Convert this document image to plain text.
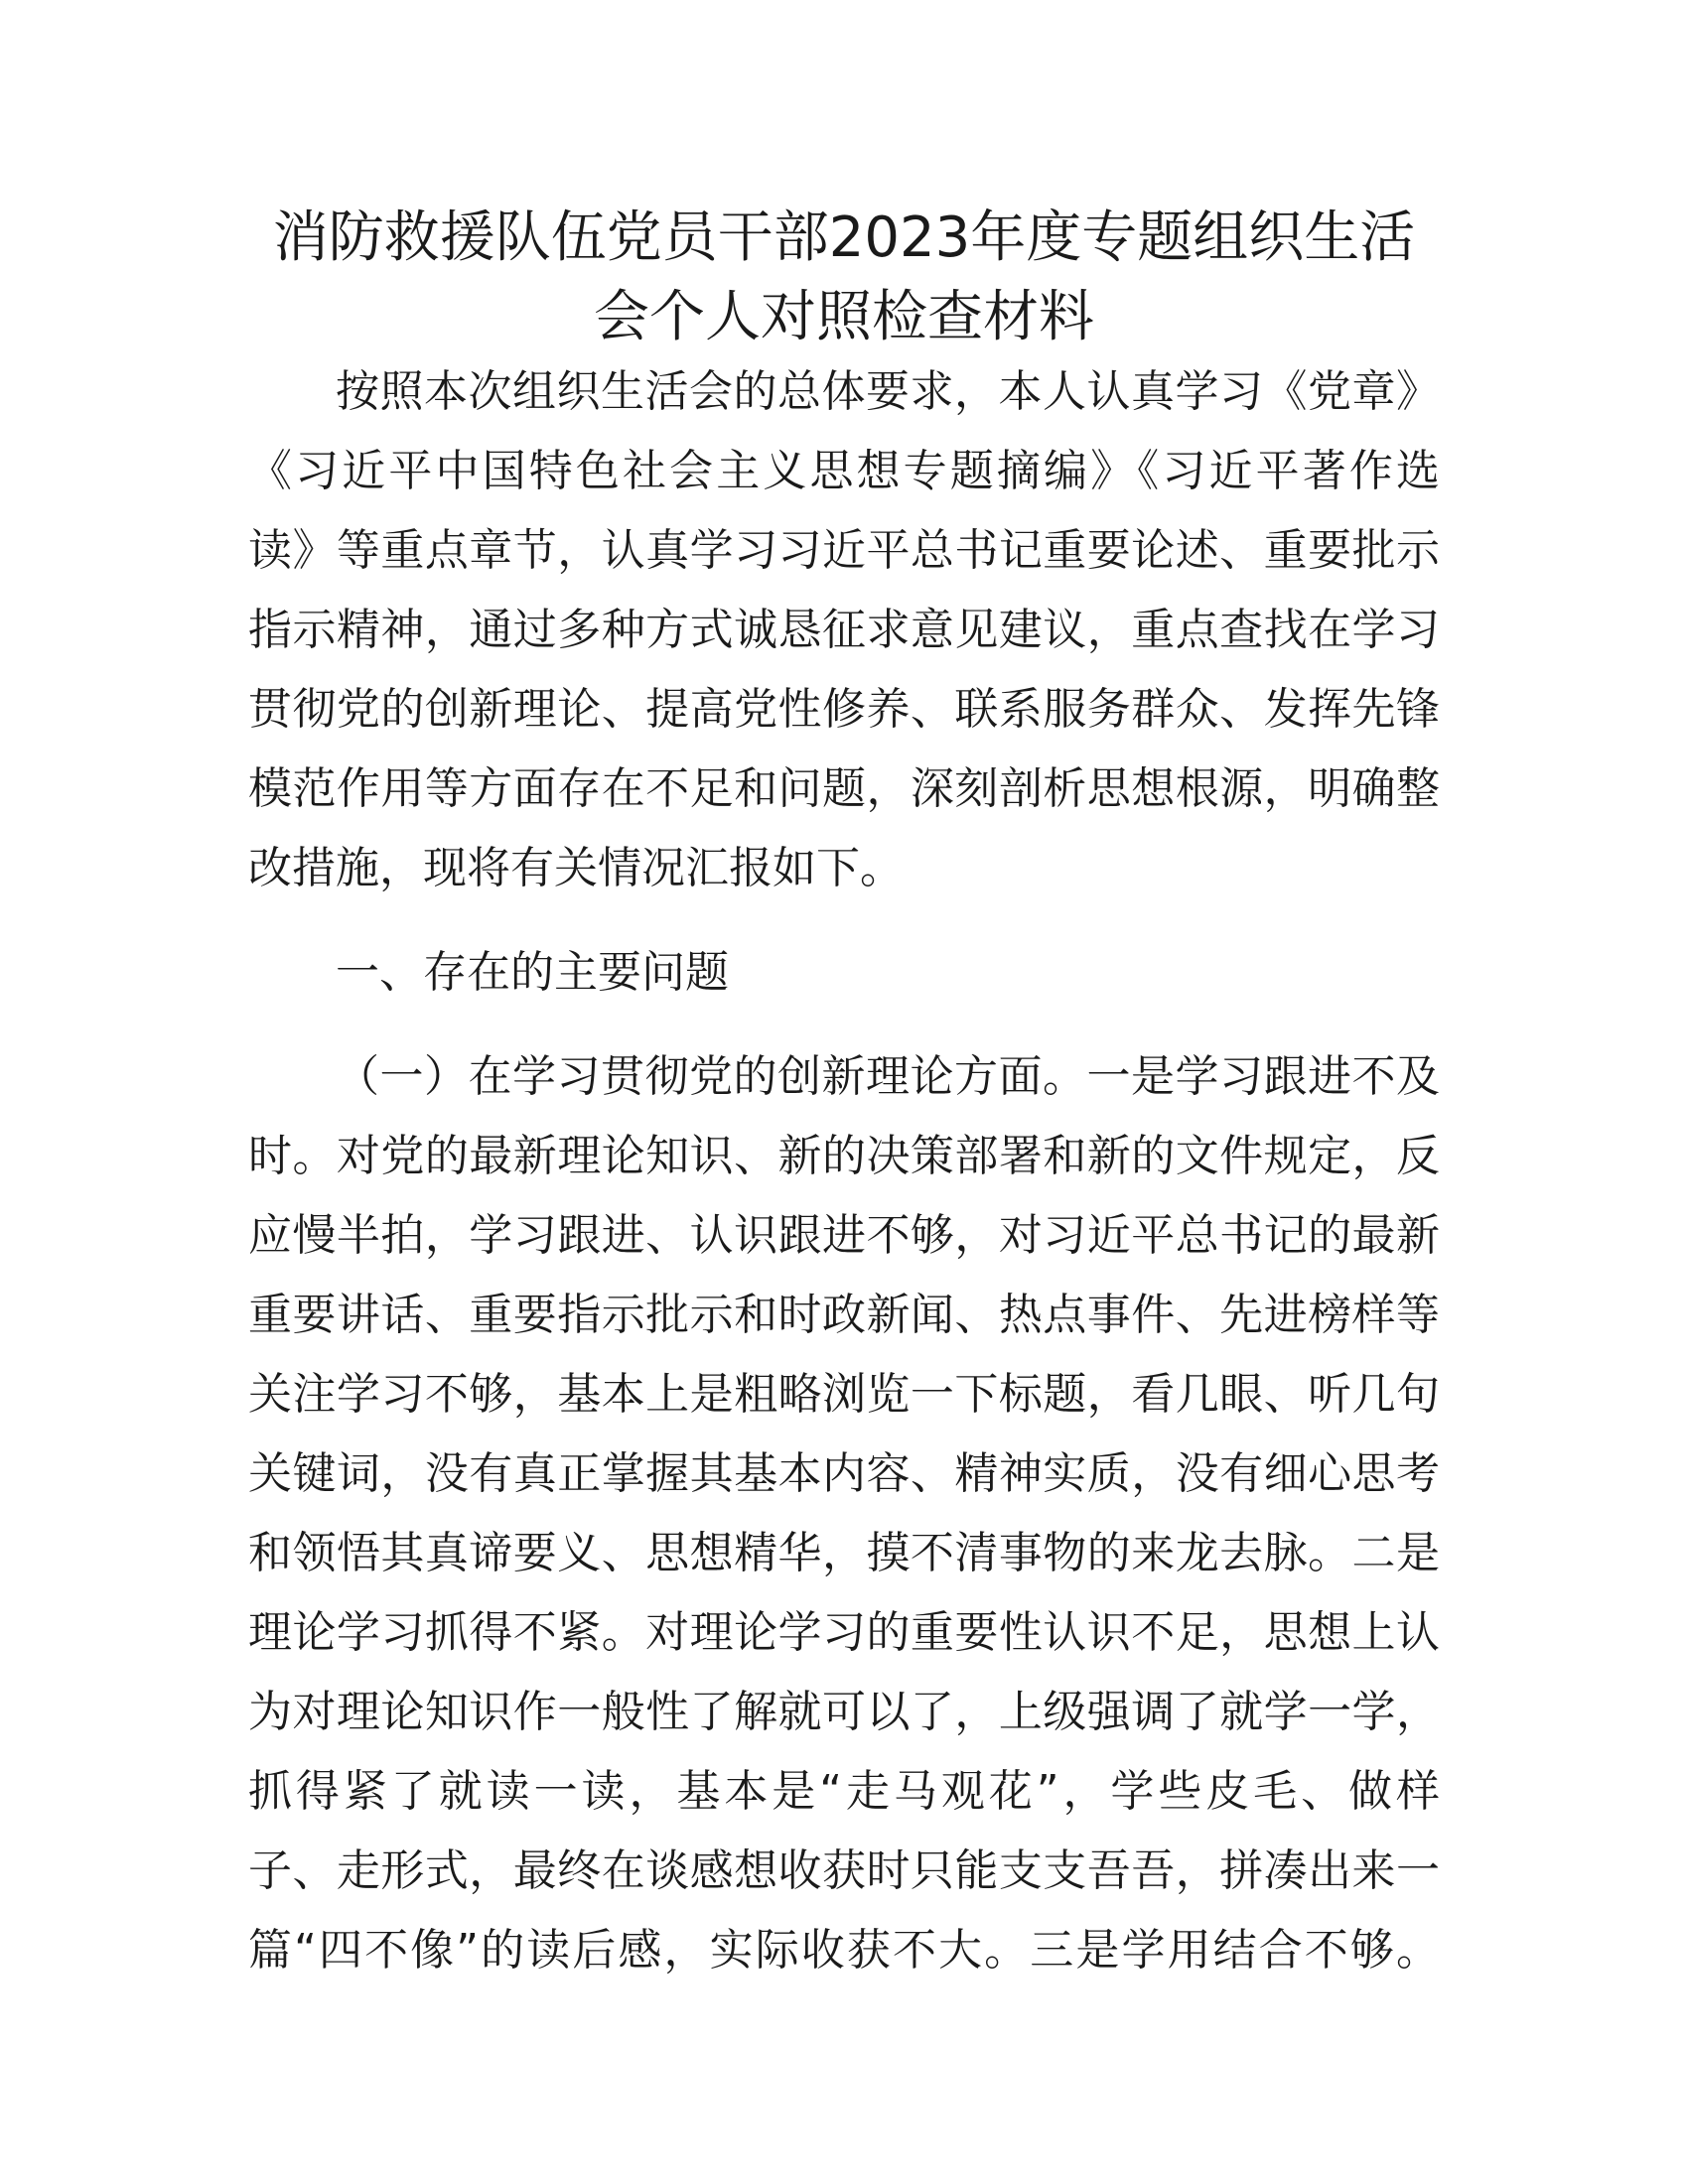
消防救援队伍党员干部2023年度专题组织生活
会个人对照检查材料
按照本次组织生活会的总体要求，本人认真学习《党章》
《习近平中国特色社会主义思想专题摘编》《习近平著作选
读》等重点章节，认真学习习近平总书记重要论述、重要批示
指示精神，通过多种方式诚恳征求意见建议，重点查找在学习
贯彻党的创新理论、提高党性修养、联系服务群众、发挥先锋
模范作用等方面存在不足和问题，深刻剖析思想根源，明确整
改措施，现将有关情况汇报如下。
一、存在的主要问题
（一）在学习贯彻党的创新理论方面。一是学习跟进不及
时。对党的最新理论知识、新的决策部署和新的文件规定，反
应慢半拍，学习跟进、认识跟进不够，对习近平总书记的最新
重要讲话、重要指示批示和时政新闻、热点事件、先进榜样等
关注学习不够，基本上是粗略浏览一下标题，看几眼、听几句
关键词，没有真正掌握其基本内容、精神实质，没有细心思考
和领悟其真谛要义、思想精华，摸不清事物的来龙去脉。二是
理论学习抓得不紧。对理论学习的重要性认识不足，思想上认
为对理论知识作一般性了解就可以了，上级强调了就学一学，
抓得紧了就读一读，基本是“走马观花”，学些皮毛、做样
子、走形式，最终在谈感想收获时只能支支吾吾，拼凑出来一
篇“四不像”的读后感，实际收获不大。三是学用结合不够。
